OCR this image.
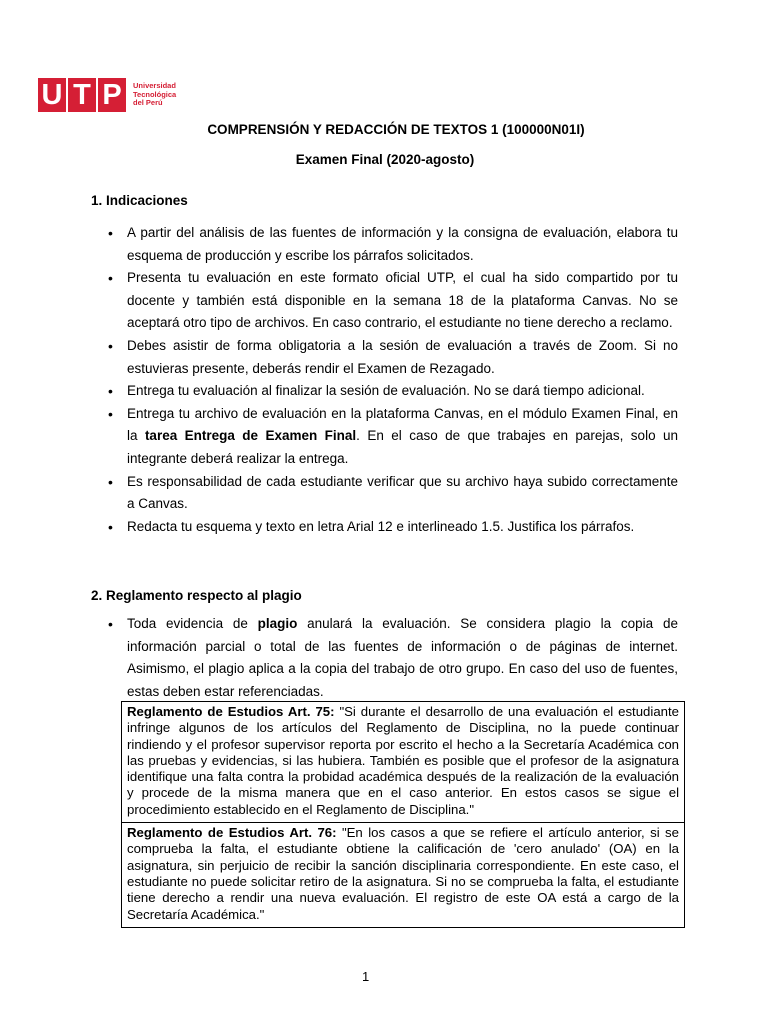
U T P	Universidad
Tecnológica
del Perú
COMPRENSIÓN Y REDACCIÓN DE TEXTOS 1 (100000N01I)
Examen Final (2020-agosto)
1. Indicaciones
• A partir del análisis de las fuentes de información y la consigna de evaluación, elabora tu esquema de producción y escribe los párrafos solicitados.
• Presenta tu evaluación en este formato oficial UTP, el cual ha sido compartido por tu docente y también está disponible en la semana 18 de la plataforma Canvas. No se aceptará otro tipo de archivos. En caso contrario, el estudiante no tiene derecho a reclamo.
• Debes asistir de forma obligatoria a la sesión de evaluación a través de Zoom. Si no estuvieras presente, deberás rendir el Examen de Rezagado.
• Entrega tu evaluación al finalizar la sesión de evaluación. No se dará tiempo adicional.
• Entrega tu archivo de evaluación en la plataforma Canvas, en el módulo Examen Final, en la tarea Entrega de Examen Final. En el caso de que trabajes en parejas, solo un integrante deberá realizar la entrega.
• Es responsabilidad de cada estudiante verificar que su archivo haya subido correctamente a Canvas.
• Redacta tu esquema y texto en letra Arial 12 e interlineado 1.5. Justifica los párrafos.
2. Reglamento respecto al plagio
• Toda evidencia de plagio anulará la evaluación. Se considera plagio la copia de información parcial o total de las fuentes de información o de páginas de internet. Asimismo, el plagio aplica a la copia del trabajo de otro grupo. En caso del uso de fuentes, estas deben estar referenciadas.
Reglamento de Estudios Art. 75: "Si durante el desarrollo de una evaluación el estudiante infringe algunos de los artículos del Reglamento de Disciplina, no la puede continuar rindiendo y el profesor supervisor reporta por escrito el hecho a la Secretaría Académica con las pruebas y evidencias, si las hubiera. También es posible que el profesor de la asignatura identifique una falta contra la probidad académica después de la realización de la evaluación y procede de la misma manera que en el caso anterior. En estos casos se sigue el procedimiento establecido en el Reglamento de Disciplina."
Reglamento de Estudios Art. 76: "En los casos a que se refiere el artículo anterior, si se comprueba la falta, el estudiante obtiene la calificación de 'cero anulado' (OA) en la asignatura, sin perjuicio de recibir la sanción disciplinaria correspondiente. En este caso, el estudiante no puede solicitar retiro de la asignatura. Si no se comprueba la falta, el estudiante tiene derecho a rendir una nueva evaluación. El registro de este OA está a cargo de la Secretaría Académica."
1
